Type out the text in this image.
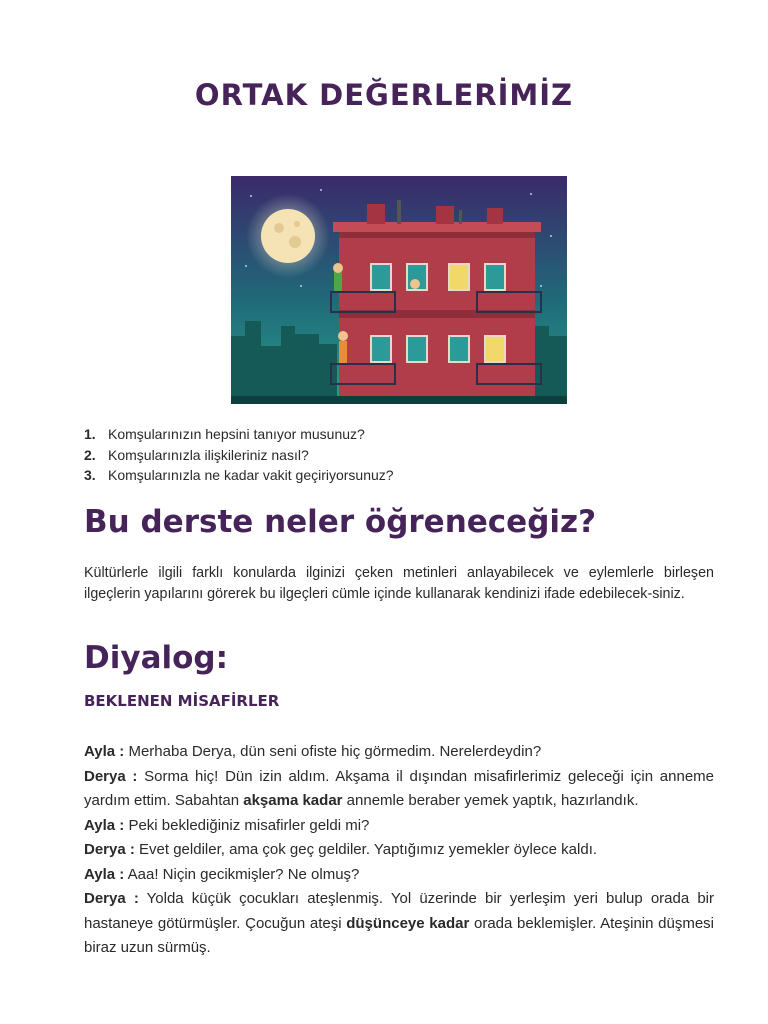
ORTAK DEĞERLERİMİZ
1. Komşularınızın hepsini tanıyor musunuz?
2. Komşularınızla ilişkileriniz nasıl?
3. Komşularınızla ne kadar vakit geçiriyorsunuz?
Bu derste neler öğreneceğiz?

Kültürlerle ilgili farklı konularda ilginizi çeken metinleri anlayabilecek ve eylemlerle birleşen ilgeçlerin yapılarını görerek bu ilgeçleri cümle içinde kullanarak kendinizi ifade edebilecek-siniz.

Diyalog:
BEKLENEN MİSAFİRLER

Ayla : Merhaba Derya, dün seni ofiste hiç görmedim. Nerelerdeydin?

Derya : Sorma hiç! Dün izin aldım. Akşama il dışından misafirlerimiz geleceği için anneme yardım ettim. Sabahtan akşama kadar annemle beraber yemek yaptık, hazırlandık.

Ayla : Peki beklediğiniz misafirler geldi mi?

Derya : Evet geldiler, ama çok geç geldiler. Yaptığımız yemekler öylece kaldı.

Ayla : Aaa! Niçin gecikmişler? Ne olmuş?

Derya : Yolda küçük çocukları ateşlenmiş. Yol üzerinde bir yerleşim yeri bulup orada bir hastaneye götürmüşler. Çocuğun ateşi düşünceye kadar orada beklemişler. Ateşinin düşmesi biraz uzun sürmüş.
